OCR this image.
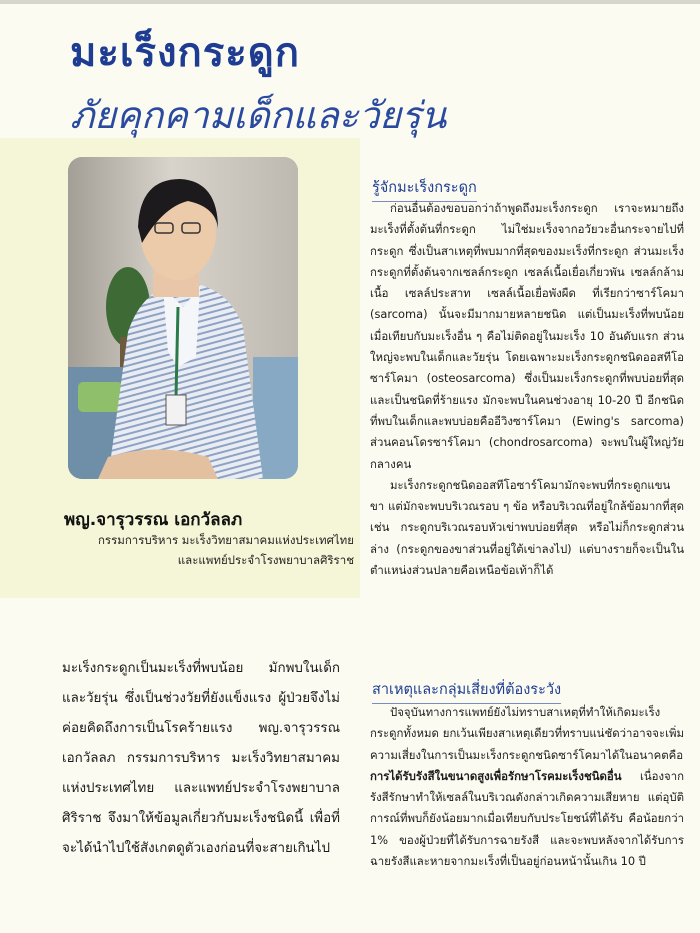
มะเร็งกระดูก
ภัยคุกคามเด็กและวัยรุ่น
พญ.จารุวรรณ เอกวัลลภ
กรรมการบริหาร มะเร็งวิทยาสมาคมแห่งประเทศไทย
และแพทย์ประจำโรงพยาบาลศิริราช
มะเร็งกระดูกเป็นมะเร็งที่พบน้อย มักพบในเด็กและวัยรุ่น ซึ่งเป็นช่วงวัยที่ยังแข็งแรง ผู้ป่วยจึงไม่ค่อยคิดถึงการเป็นโรคร้ายแรง พญ.จารุวรรณ เอกวัลลภ กรรมการบริหาร มะเร็งวิทยาสมาคมแห่งประเทศไทย และแพทย์ประจำโรงพยาบาลศิริราช จึงมาให้ข้อมูลเกี่ยวกับมะเร็งชนิดนี้ เพื่อที่จะได้นำไปใช้สังเกตดูตัวเองก่อนที่จะสายเกินไป
รู้จักมะเร็งกระดูก

ก่อนอื่นต้องขอบอกว่าถ้าพูดถึงมะเร็งกระดูก เราจะหมายถึงมะเร็งที่ตั้งต้นที่กระดูก ไม่ใช่มะเร็งจากอวัยวะอื่นกระจายไปที่กระดูก ซึ่งเป็นสาเหตุที่พบมากที่สุดของมะเร็งที่กระดูก ส่วนมะเร็งกระดูกที่ตั้งต้นจากเซลล์กระดูก เซลล์เนื้อเยื่อเกี่ยวพัน เซลล์กล้ามเนื้อ เซลล์ประสาท เซลล์เนื้อเยื่อพังผืด ที่เรียกว่าซาร์โคมา (sarcoma) นั้นจะมีมากมายหลายชนิด แต่เป็นมะเร็งที่พบน้อยเมื่อเทียบกับมะเร็งอื่น ๆ คือไม่ติดอยู่ในมะเร็ง 10 อันดับแรก ส่วนใหญ่จะพบในเด็กและวัยรุ่น โดยเฉพาะมะเร็งกระดูกชนิดออสทีโอซาร์โคมา (osteosarcoma) ซึ่งเป็นมะเร็งกระดูกที่พบบ่อยที่สุดและเป็นชนิดที่ร้ายแรง มักจะพบในคนช่วงอายุ 10-20 ปี อีกชนิดที่พบในเด็กและพบบ่อยคืออีวิงซาร์โคมา (Ewing's sarcoma) ส่วนคอนโดรซาร์โคมา (chondrosarcoma) จะพบในผู้ใหญ่วัยกลางคน

มะเร็งกระดูกชนิดออสทีโอซาร์โคมามักจะพบที่กระดูกแขนขา แต่มักจะพบบริเวณรอบ ๆ ข้อ หรือบริเวณที่อยู่ใกล้ข้อมากที่สุด เช่น กระดูกบริเวณรอบหัวเข่าพบบ่อยที่สุด หรือไม่ก็กระดูกส่วนล่าง (กระดูกของขาส่วนที่อยู่ใต้เข่าลงไป) แต่บางรายก็จะเป็นในตำแหน่งส่วนปลายคือเหนือข้อเท้าก็ได้

สาเหตุและกลุ่มเสี่ยงที่ต้องระวัง

ปัจจุบันทางการแพทย์ยังไม่ทราบสาเหตุที่ทำให้เกิดมะเร็งกระดูกทั้งหมด ยกเว้นเพียงสาเหตุเดียวที่ทราบแน่ชัดว่าอาจจะเพิ่มความเสี่ยงในการเป็นมะเร็งกระดูกชนิดซาร์โคมาได้ในอนาคตคือ การได้รับรังสีในขนาดสูงเพื่อรักษาโรคมะเร็งชนิดอื่น เนื่องจากรังสีรักษาทำให้เซลล์ในบริเวณดังกล่าวเกิดความเสียหาย แต่อุบัติการณ์ที่พบก็ยังน้อยมากเมื่อเทียบกับประโยชน์ที่ได้รับ คือน้อยกว่า 1% ของผู้ป่วยที่ได้รับการฉายรังสี และจะพบหลังจากได้รับการฉายรังสีและหายจากมะเร็งที่เป็นอยู่ก่อนหน้านั้นเกิน 10 ปี
